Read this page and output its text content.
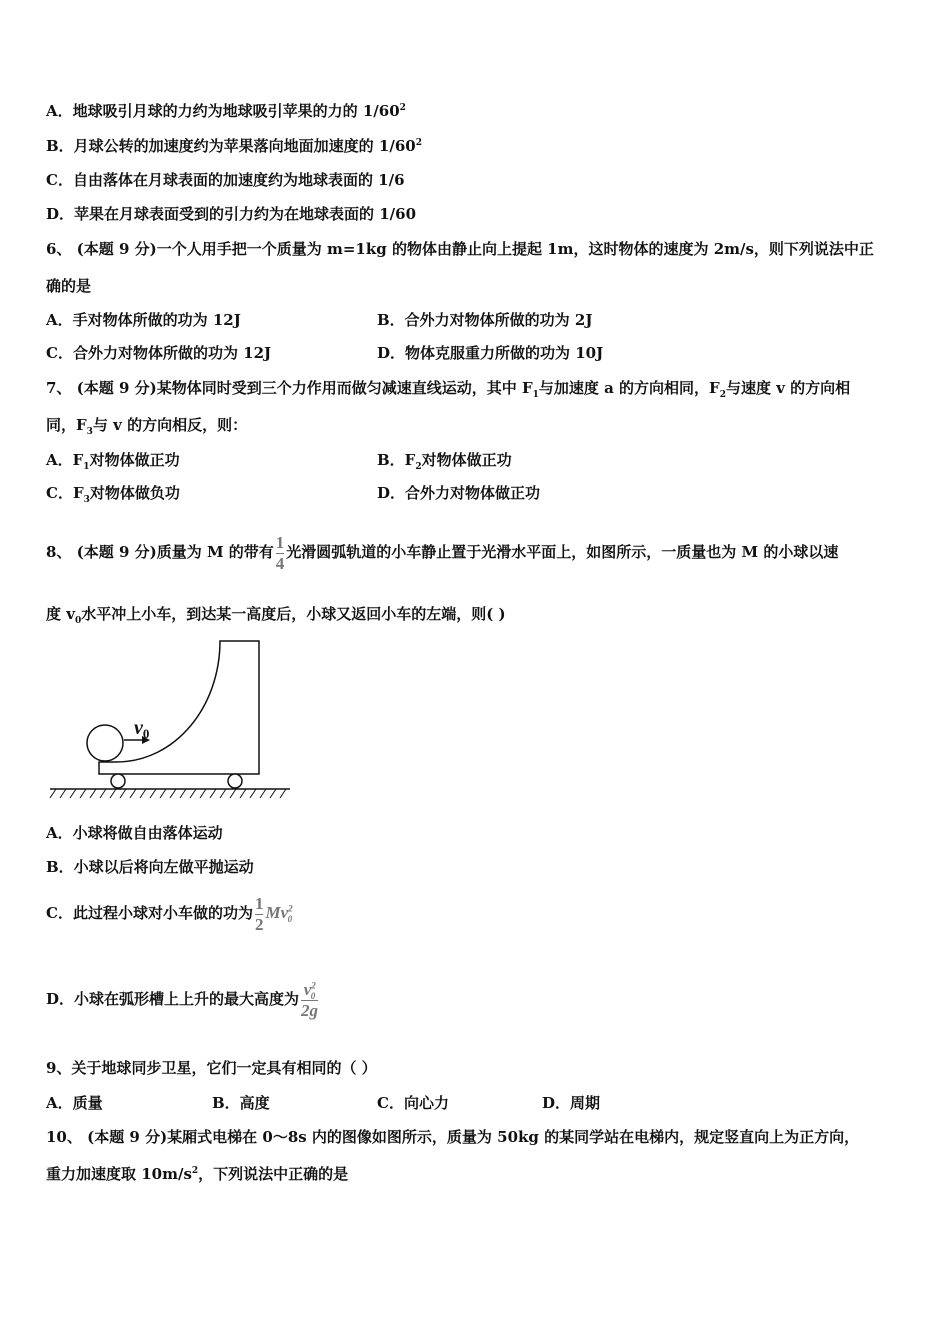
A．地球吸引月球的力约为地球吸引苹果的力的 $1/60^2$
B．月球公转的加速度约为苹果落向地面加速度的 $1/60^2$
C．自由落体在月球表面的加速度约为地球表面的 1/6
D．苹果在月球表面受到的引力约为在地球表面的 1/60
6、 (本题 9 分)一个人用手把一个质量为 m=1kg 的物体由静止向上提起 1m，这时物体的速度为 2m/s，则下列说法中正
确的是
A．手对物体所做的功为 12J	B．合外力对物体所做的功为 2J
C．合外力对物体所做的功为 12J	D．物体克服重力所做的功为 10J
7、 (本题 9 分)某物体同时受到三个力作用而做匀减速直线运动，其中 $F_1$与加速度 a 的方向相同，$F_2$与速度 v 的方向相
同，$F_3$与 v 的方向相反，则：
A．$F_1$对物体做正功	B．$F_2$对物体做正功
C．$F_3$对物体做负功	D．合外力对物体做正功
8、 (本题 9 分)质量为 M 的带有 $\frac{1}{4}$ 光滑圆弧轨道的小车静止置于光滑水平面上，如图所示，一质量也为 M 的小球以速
度 $v_0$水平冲上小车，到达某一高度后，小球又返回小车的左端，则( )
$v_0$
A．小球将做自由落体运动
B．小球以后将向左做平抛运动
C．此过程小球对小车做的功为 $\frac{1}{2} Mv^2_0$
D．小球在弧形槽上上升的最大高度为 $\frac{v^2_0}{2g}$
9、关于地球同步卫星，它们一定具有相同的（ ）
A．质量	B．高度	C．向心力	D．周期
10、 (本题 9 分)某厢式电梯在 0～8s 内的图像如图所示，质量为 50kg 的某同学站在电梯内，规定竖直向上为正方向，
重力加速度取 $10m/s^2$，下列说法中正确的是
